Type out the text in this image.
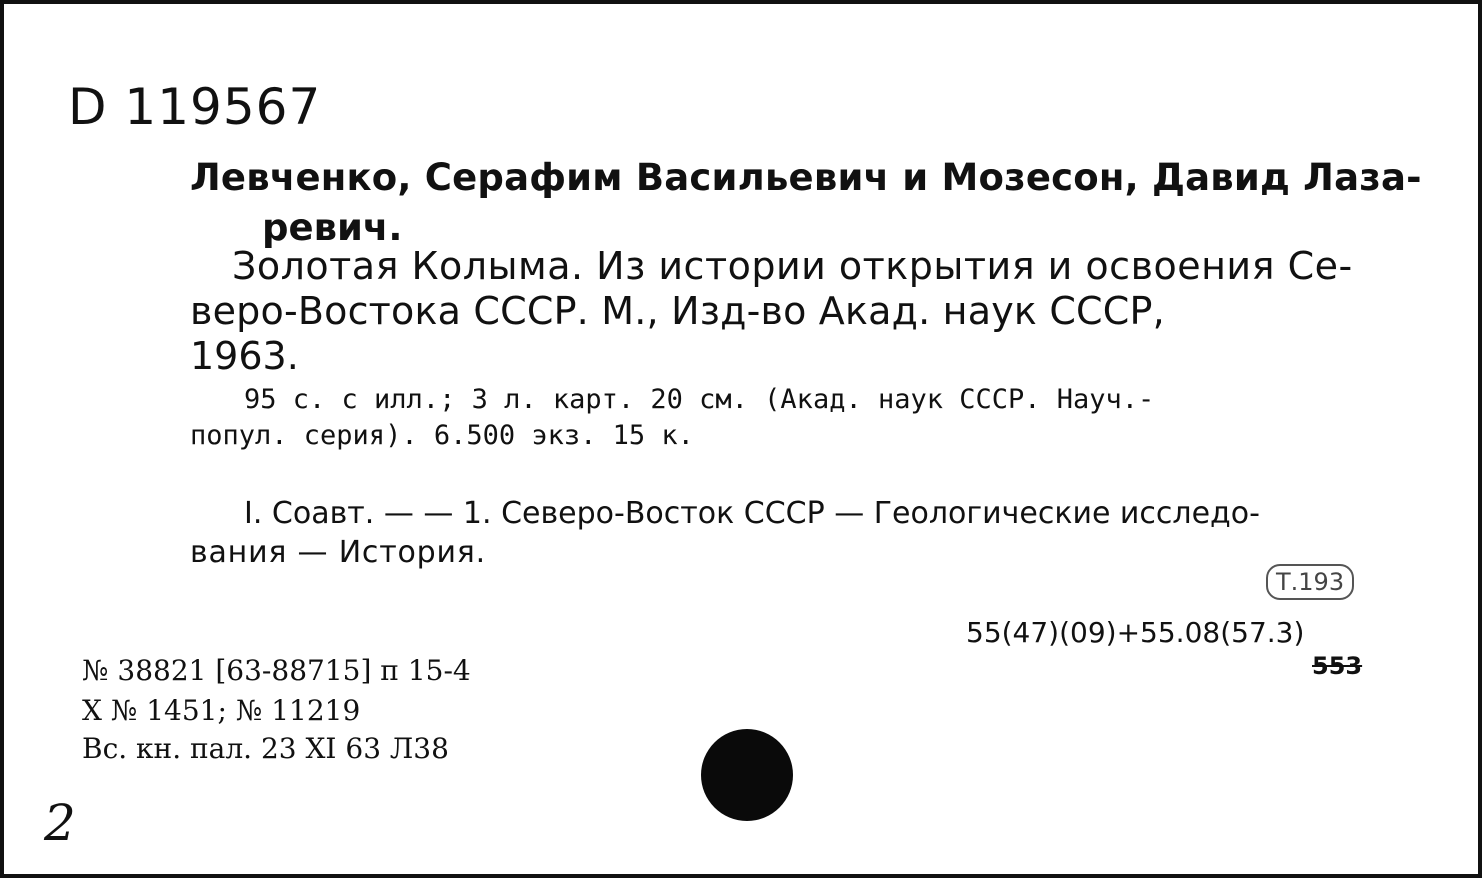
D 119567
Левченко, Серафим Васильевич и Мозесон, Давид Лаза-
ревич.
Золотая Колыма. Из истории открытия и освоения Се-
веро-Востока СССР. М., Изд-во Акад. наук СССР,
1963.
95 с. с илл.; 3 л. карт. 20 см. (Акад. наук СССР. Науч.-
попул. серия). 6.500 экз. 15 к.
I. Соавт. — — 1. Северо-Восток СССР — Геологические исследо-
вания — История.
Т.193
55(47)(09)+55.08(57.3)
553
№ 38821 [63-88715] п 15-4
Х № 1451; № 11219
Вс. кн. пал. 23 XI 63 Л38
2
